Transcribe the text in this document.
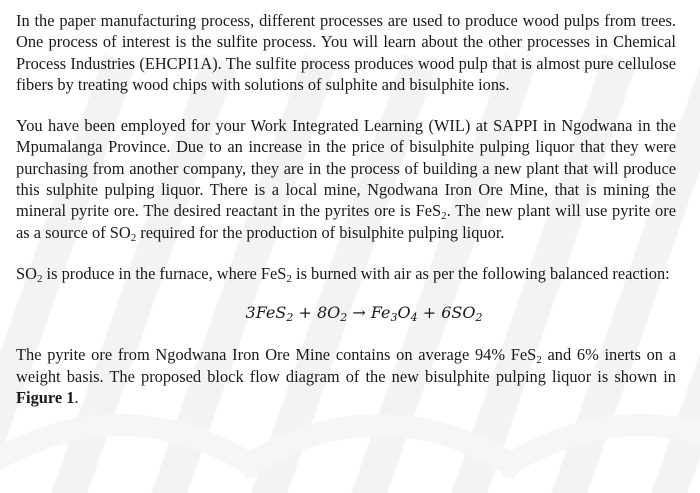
In the paper manufacturing process, different processes are used to produce wood pulps from trees. One process of interest is the sulfite process. You will learn about the other processes in Chemical Process Industries (EHCPI1A). The sulfite process produces wood pulp that is almost pure cellulose fibers by treating wood chips with solutions of sulphite and bisulphite ions.

You have been employed for your Work Integrated Learning (WIL) at SAPPI in Ngodwana in the Mpumalanga Province. Due to an increase in the price of bisulphite pulping liquor that they were purchasing from another company, they are in the process of building a new plant that will produce this sulphite pulping liquor. There is a local mine, Ngodwana Iron Ore Mine, that is mining the mineral pyrite ore. The desired reactant in the pyrites ore is FeS$_2$. The new plant will use pyrite ore as a source of $SO_2$ required for the production of bisulphite pulping liquor.

$SO_2$ is produce in the furnace, where FeS$_2$ is burned with air as per the following balanced reaction:

$3FeS_2 + 8O_2 \to Fe_3O_4 + 6SO_2$

The pyrite ore from Ngodwana Iron Ore Mine contains on average 94% FeS$_2$ and 6% inerts on a weight basis. The proposed block flow diagram of the new bisulphite pulping liquor is shown in Figure 1.
